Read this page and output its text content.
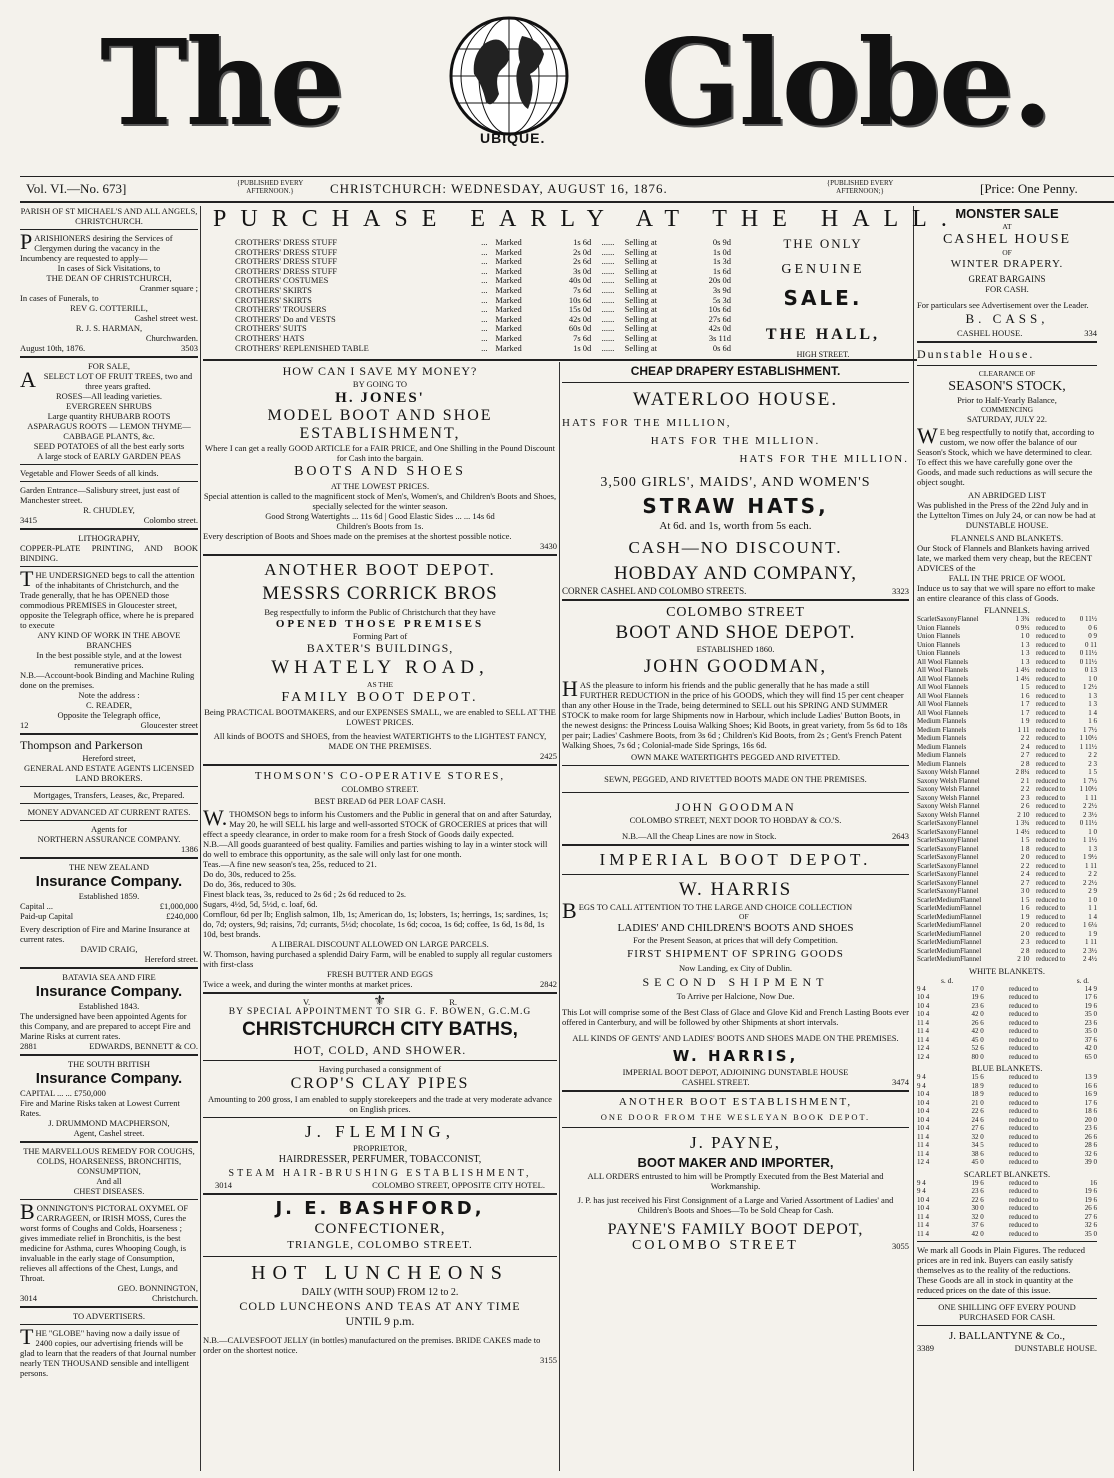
The	UBIQUE. Globe.
Vol. VI.—No. 673]	{PUBLISHED EVERY AFTERNOON.}	CHRISTCHURCH: WEDNESDAY, AUGUST 16, 1876.	{PUBLISHED EVERY AFTERNOON;}	[Price: One Penny.
PURCHASE EARLY AT THE HALL.
CROTHERS' DRESS STUFF	...	Marked	1s 6d	......	Selling at	0s 9d
CROTHERS' DRESS STUFF	...	Marked	2s 0d	......	Selling at	1s 0d
CROTHERS' DRESS STUFF	...	Marked	2s 6d	......	Selling at	1s 3d
CROTHERS' DRESS STUFF	...	Marked	3s 0d	......	Selling at	1s 6d
CROTHERS' COSTUMES	...	Marked	40s 0d	......	Selling at	20s 0d
CROTHERS' SKIRTS	...	Marked	7s 6d	......	Selling at	3s 9d
CROTHERS' SKIRTS	...	Marked	10s 6d	......	Selling at	5s 3d
CROTHERS' TROUSERS	...	Marked	15s 0d	......	Selling at	10s 6d
CROTHERS' Do and VESTS	...	Marked	42s 0d	......	Selling at	27s 6d
CROTHERS' SUITS	...	Marked	60s 0d	......	Selling at	42s 0d
CROTHERS' HATS	...	Marked	7s 6d	......	Selling at	3s 11d
CROTHERS' REPLENISHED TABLE	...	Marked	1s 0d	......	Selling at	0s 6d
THE ONLY
GENUINE
SALE.
THE HALL,
HIGH STREET.

PARISH OF ST MICHAEL'S AND ALL ANGELS, CHRISTCHURCH.

PARISHIONERS desiring the Services of Clergymen during the vacancy in the Incumbency are requested to apply—

In cases of Sick Visitations, to

THE DEAN OF CHRISTCHURCH,

Cranmer square ;

In cases of Funerals, to

REV G. COTTERILL,

Cashel street west.

R. J. S. HARMAN,

Churchwarden.

August 10th, 1876.	3503

FOR SALE,

ASELECT LOT OF FRUIT TREES, two and three years grafted.

ROSES—All leading varieties.

EVERGREEN SHRUBS

Large quantity RHUBARB ROOTS

ASPARAGUS ROOTS — LEMON THYME—CABBAGE PLANTS, &c.

SEED POTATOES of all the best early sorts

A large stock of EARLY GARDEN PEAS

Vegetable and Flower Seeds of all kinds.

Garden Entrance—Salisbury street, just east of Manchester street.

R. CHUDLEY,

3415	Colombo street.

LITHOGRAPHY,

COPPER-PLATE PRINTING, AND BOOK BINDING.

THE UNDERSIGNED begs to call the attention of the inhabitants of Christchurch, and the Trade generally, that he has OPENED those commodious PREMISES in Gloucester street, opposite the Telegraph office, where he is prepared to execute

ANY KIND OF WORK IN THE ABOVE BRANCHES

In the best possible style, and at the lowest remunerative prices.

N.B.—Account-book Binding and Machine Ruling done on the premises.

Note the address :

C. READER,

Opposite the Telegraph office,

12	Gloucester street

Thompson and Parkerson

Hereford street,

GENERAL AND ESTATE AGENTS LICENSED LAND BROKERS.

Mortgages, Transfers, Leases, &c, Prepared.

MONEY ADVANCED AT CURRENT RATES.

Agents for

NORTHERN ASSURANCE COMPANY.

1386

THE NEW ZEALAND

Insurance Company.

Established 1859.

Capital ...	£1,000,000
Paid-up Capital	£240,000

Every description of Fire and Marine Insurance at current rates.

DAVID CRAIG,

Hereford street.

BATAVIA SEA AND FIRE

Insurance Company.

Established 1843.

The undersigned have been appointed Agents for this Company, and are prepared to accept Fire and Marine Risks at current rates.

2881	EDWARDS, BENNETT & CO.

THE SOUTH BRITISH

Insurance Company.

CAPITAL ... ... £750,000

Fire and Marine Risks taken at Lowest Current Rates.

J. DRUMMOND MACPHERSON,

Agent, Cashel street.

THE MARVELLOUS REMEDY FOR COUGHS, COLDS, HOARSENESS, BRONCHITIS, CONSUMPTION,

And all

CHEST DISEASES.

BONNINGTON'S PICTORAL OXYMEL OF CARRAGEEN, or IRISH MOSS, Cures the worst forms of Coughs and Colds, Hoarseness ; gives immediate relief in Bronchitis, is the best medicine for Asthma, cures Whooping Cough, is invaluable in the early stage of Consumption, relieves all affections of the Chest, Lungs, and Throat.

GEO. BONNINGTON,

3014	Christchurch.

TO ADVERTISERS.

THE "GLOBE" having now a daily issue of 2400 copies, our advertising friends will be glad to learn that the readers of that Journal number nearly TEN THOUSAND sensible and intelligent persons.

HOW CAN I SAVE MY MONEY?

BY GOING TO

H. JONES'

MODEL BOOT AND SHOE ESTABLISHMENT,

Where I can get a really GOOD ARTICLE for a FAIR PRICE, and One Shilling in the Pound Discount for Cash into the bargain.

BOOTS AND SHOES

AT THE LOWEST PRICES.

Special attention is called to the magnificent stock of Men's, Women's, and Children's Boots and Shoes, specially selected for the winter season.

Good Strong Watertights ... 11s 6d | Good Elastic Sides ... ... 14s 6d

Children's Boots from 1s.

Every description of Boots and Shoes made on the premises at the shortest possible notice.

3430

ANOTHER BOOT DEPOT.

MESSRS CORRICK BROS

Beg respectfully to inform the Public of Christchurch that they have

OPENED THOSE PREMISES

Forming Part of

BAXTER'S BUILDINGS,

WHATELY ROAD,

AS THE

FAMILY BOOT DEPOT.

Being PRACTICAL BOOTMAKERS, and our EXPENSES SMALL, we are enabled to SELL AT THE LOWEST PRICES.

All kinds of BOOTS and SHOES, from the heaviest WATERTIGHTS to the LIGHTEST FANCY, MADE ON THE PREMISES.

2425

THOMSON'S CO-OPERATIVE STORES,

COLOMBO STREET.

BEST BREAD 6d PER LOAF CASH.

W.THOMSON begs to inform his Customers and the Public in general that on and after Saturday, May 20, he will SELL his large and well-assorted STOCK of GROCERIES at prices that will effect a speedy clearance, in order to make room for a fresh Stock of Goods daily expected.

N.B.—All goods guaranteed of best quality. Families and parties wishing to lay in a winter stock will do well to embrace this opportunity, as the sale will only last for one month.

Teas.—A fine new season's tea, 25s, reduced to 21.

Do do, 30s, reduced to 25s.

Do do, 36s, reduced to 30s.

Finest black teas, 3s, reduced to 2s 6d ; 2s 6d reduced to 2s.

Sugars, 4½d, 5d, 5½d, c. loaf, 6d.

Cornflour, 6d per lb; English salmon, 1lb, 1s; American do, 1s; lobsters, 1s; herrings, 1s; sardines, 1s; do, 7d; oysters, 9d; raisins, 7d; currants, 5½d; chocolate, 1s 6d; cocoa, 1s 6d; coffee, 1s 6d, 1s 8d, 1s 10d, best brands.

A LIBERAL DISCOUNT ALLOWED ON LARGE PARCELS.

W. Thomson, having purchased a splendid Dairy Farm, will be enabled to supply all regular customers with first-class

FRESH BUTTER AND EGGS

Twice a week, and during the winter months at market prices.	2842
V.	⚜	R.

BY SPECIAL APPOINTMENT TO SIR G. F. BOWEN, G.C.M.G

CHRISTCHURCH CITY BATHS,

HOT, COLD, AND SHOWER.

Having purchased a consignment of

CROP'S CLAY PIPES

Amounting to 200 gross, I am enabled to supply storekeepers and the trade at very moderate advance on English prices.

J. FLEMING,

PROPRIETOR,

HAIRDRESSER, PERFUMER, TOBACCONIST,

STEAM HAIR-BRUSHING ESTABLISHMENT,

3014	COLOMBO STREET, OPPOSITE CITY HOTEL.

J. E. BASHFORD,

CONFECTIONER,

TRIANGLE, COLOMBO STREET.

HOT LUNCHEONS

DAILY (WITH SOUP) FROM 12 to 2.

COLD LUNCHEONS AND TEAS AT ANY TIME

UNTIL 9 p.m.

N.B.—CALVESFOOT JELLY (in bottles) manufactured on the premises. BRIDE CAKES made to order on the shortest notice.

3155

CHEAP DRAPERY ESTABLISHMENT.

WATERLOO HOUSE.

HATS FOR THE MILLION,

HATS FOR THE MILLION.

HATS FOR THE MILLION.

3,500 GIRLS', MAIDS', AND WOMEN'S

STRAW HATS,

At 6d. and 1s, worth from 5s each.

CASH—NO DISCOUNT.

HOBDAY AND COMPANY,

CORNER CASHEL AND COLOMBO STREETS.	3323

COLOMBO STREET

BOOT AND SHOE DEPOT.

ESTABLISHED 1860.

JOHN GOODMAN,

HAS the pleasure to inform his friends and the public generally that he has made a still FURTHER REDUCTION in the price of his GOODS, which they will find 15 per cent cheaper than any other House in the Trade, being determined to SELL out his SPRING AND SUMMER STOCK to make room for large Shipments now in Harbour, which include Ladies' Button Boots, in the newest designs: the Princess Louisa Walking Shoes; Kid Boots, in great variety, from 5s 6d to 18s per pair; Ladies' Cashmere Boots, from 3s 6d ; Children's Kid Boots, from 2s ; Gent's French Patent Walking Shoes, 7s 6d ; Colonial-made Side Springs, 16s 6d.

OWN MAKE WATERTIGHTS PEGGED AND RIVETTED.

SEWN, PEGGED, AND RIVETTED BOOTS MADE ON THE PREMISES.

JOHN GOODMAN

COLOMBO STREET, NEXT DOOR TO HOBDAY & CO.'S.

N.B.—All the Cheap Lines are now in Stock.	2643

IMPERIAL BOOT DEPOT.

W. HARRIS

BEGS TO CALL ATTENTION TO THE LARGE AND CHOICE COLLECTION

OF

LADIES' AND CHILDREN'S BOOTS AND SHOES

For the Present Season, at prices that will defy Competition.

FIRST SHIPMENT OF SPRING GOODS

Now Landing, ex City of Dublin.

SECOND SHIPMENT

To Arrive per Halcione, Now Due.

This Lot will comprise some of the Best Class of Glace and Glove Kid and French Lasting Boots ever offered in Canterbury, and will be followed by other Shipments at short intervals.

ALL KINDS OF GENTS' AND LADIES' BOOTS AND SHOES MADE ON THE PREMISES.

W. HARRIS,

IMPERIAL BOOT DEPOT, ADJOINING DUNSTABLE HOUSE

CASHEL STREET.	3474

ANOTHER BOOT ESTABLISHMENT,

ONE DOOR FROM THE WESLEYAN BOOK DEPOT.

J. PAYNE,

BOOT MAKER AND IMPORTER,

ALL ORDERS entrusted to him will be Promptly Executed from the Best Material and Workmanship.

J. P. has just received his First Consignment of a Large and Varied Assortment of Ladies' and Children's Boots and Shoes—To be Sold Cheap for Cash.

PAYNE'S FAMILY BOOT DEPOT,

COLOMBO STREET	3055

MONSTER SALE

AT

CASHEL HOUSE

OF

WINTER DRAPERY.

GREAT BARGAINS

FOR CASH.

For particulars see Advertisement over the Leader.

B. CASS,

CASHEL HOUSE.	334

Dunstable House.

CLEARANCE OF

SEASON'S STOCK,

Prior to Half-Yearly Balance,

COMMENCING

SATURDAY, JULY 22.

WE beg respectfully to notify that, according to custom, we now offer the balance of our Season's Stock, which we have determined to clear. To effect this we have carefully gone over the Goods, and made such reductions as will secure the object sought.

AN ABRIDGED LIST

Was published in the Press of the 22nd July and in the Lyttelton Times on July 24, or can now be had at

DUNSTABLE HOUSE.

FLANNELS AND BLANKETS.

Our Stock of Flannels and Blankets having arrived late, we marked them very cheap, but the RECENT ADVICES of the

FALL IN THE PRICE OF WOOL

Induce us to say that we will spare no effort to make an entire clearance of this class of Goods.

FLANNELS.

ScarletSaxonyFlannel	1 3¾	reduced to	0 11½
Union Flannels	0 9½	reduced to	0 6
Union Flannels	1 0	reduced to	0 9
Union Flannels	1 3	reduced to	0 11
Union Flannels	1 3	reduced to	0 11½
All Wool Flannels	1 3	reduced to	0 11½
All Wool Flannels	1 4½	reduced to	0 13
All Wool Flannels	1 4½	reduced to	1 0
All Wool Flannels	1 5	reduced to	1 2½
All Wool Flannels	1 6	reduced to	1 3
All Wool Flannels	1 7	reduced to	1 3
All Wool Flannels	1 7	reduced to	1 4
Medium Flannels	1 9	reduced to	1 6
Medium Flannels	1 11	reduced to	1 7½
Medium Flannels	2 2	reduced to	1 10½
Medium Flannels	2 4	reduced to	1 11½
Medium Flannels	2 7	reduced to	2 2
Medium Flannels	2 8	reduced to	2 3
Saxony Welsh Flannel	2 8¼	reduced to	1 5
Saxony Welsh Flannel	2 1	reduced to	1 7½
Saxony Welsh Flannel	2 2	reduced to	1 10½
Saxony Welsh Flannel	2 3	reduced to	1 11
Saxony Welsh Flannel	2 6	reduced to	2 2½
Saxony Welsh Flannel	2 10	reduced to	2 3½
ScarletSaxonyFlannel	1 3¾	reduced to	0 11½
ScarletSaxonyFlannel	1 4½	reduced to	1 0
ScarletSaxonyFlannel	1 5	reduced to	1 1½
ScarletSaxonyFlannel	1 8	reduced to	1 3
ScarletSaxonyFlannel	2 0	reduced to	1 9½
ScarletSaxonyFlannel	2 2	reduced to	1 11
ScarletSaxonyFlannel	2 4	reduced to	2 2
ScarletSaxonyFlannel	2 7	reduced to	2 2½
ScarletSaxonyFlannel	3 0	reduced to	2 9
ScarletMediumFlannel	1 5	reduced to	1 0
ScarletMediumFlannel	1 6	reduced to	1 1
ScarletMediumFlannel	1 9	reduced to	1 4
ScarletMediumFlannel	2 0	reduced to	1 6¼
ScarletMediumFlannel	2 0	reduced to	1 9
ScarletMediumFlannel	2 3	reduced to	1 11
ScarletMediumFlannel	2 8	reduced to	2 3½
ScarletMediumFlannel	2 10	reduced to	2 4½

WHITE BLANKETS.

s. d.	s. d.
9 4	17 0	reduced to	14 9
10 4	19 6	reduced to	17 6
10 4	23 6	reduced to	19 6
10 4	42 0	reduced to	35 0
11 4	26 6	reduced to	23 6
11 4	42 0	reduced to	35 0
11 4	45 0	reduced to	37 6
12 4	52 6	reduced to	42 0
12 4	80 0	reduced to	65 0

BLUE BLANKETS.

9 4	15 6	reduced to	13 9
9 4	18 9	reduced to	16 6
10 4	18 9	reduced to	16 9
10 4	21 0	reduced to	17 6
10 4	22 6	reduced to	18 6
10 4	24 6	reduced to	20 0
10 4	27 6	reduced to	23 6
11 4	32 0	reduced to	26 6
11 4	34 5	reduced to	28 6
11 4	38 6	reduced to	32 6
12 4	45 0	reduced to	39 0

SCARLET BLANKETS.

9 4	19 6	reduced to	16
9 4	23 6	reduced to	19 6
10 4	22 6	reduced to	19 6
10 4	30 0	reduced to	26 6
11 4	32 0	reduced to	27 6
11 4	37 6	reduced to	32 6
11 4	42 0	reduced to	35 0

We mark all Goods in Plain Figures. The reduced prices are in red ink. Buyers can easily satisfy themselves as to the reality of the reductions.

These Goods are all in stock in quantity at the reduced prices on the date of this issue.

ONE SHILLING OFF EVERY POUND PURCHASED FOR CASH.

J. BALLANTYNE & Co.,

3389	DUNSTABLE HOUSE.
